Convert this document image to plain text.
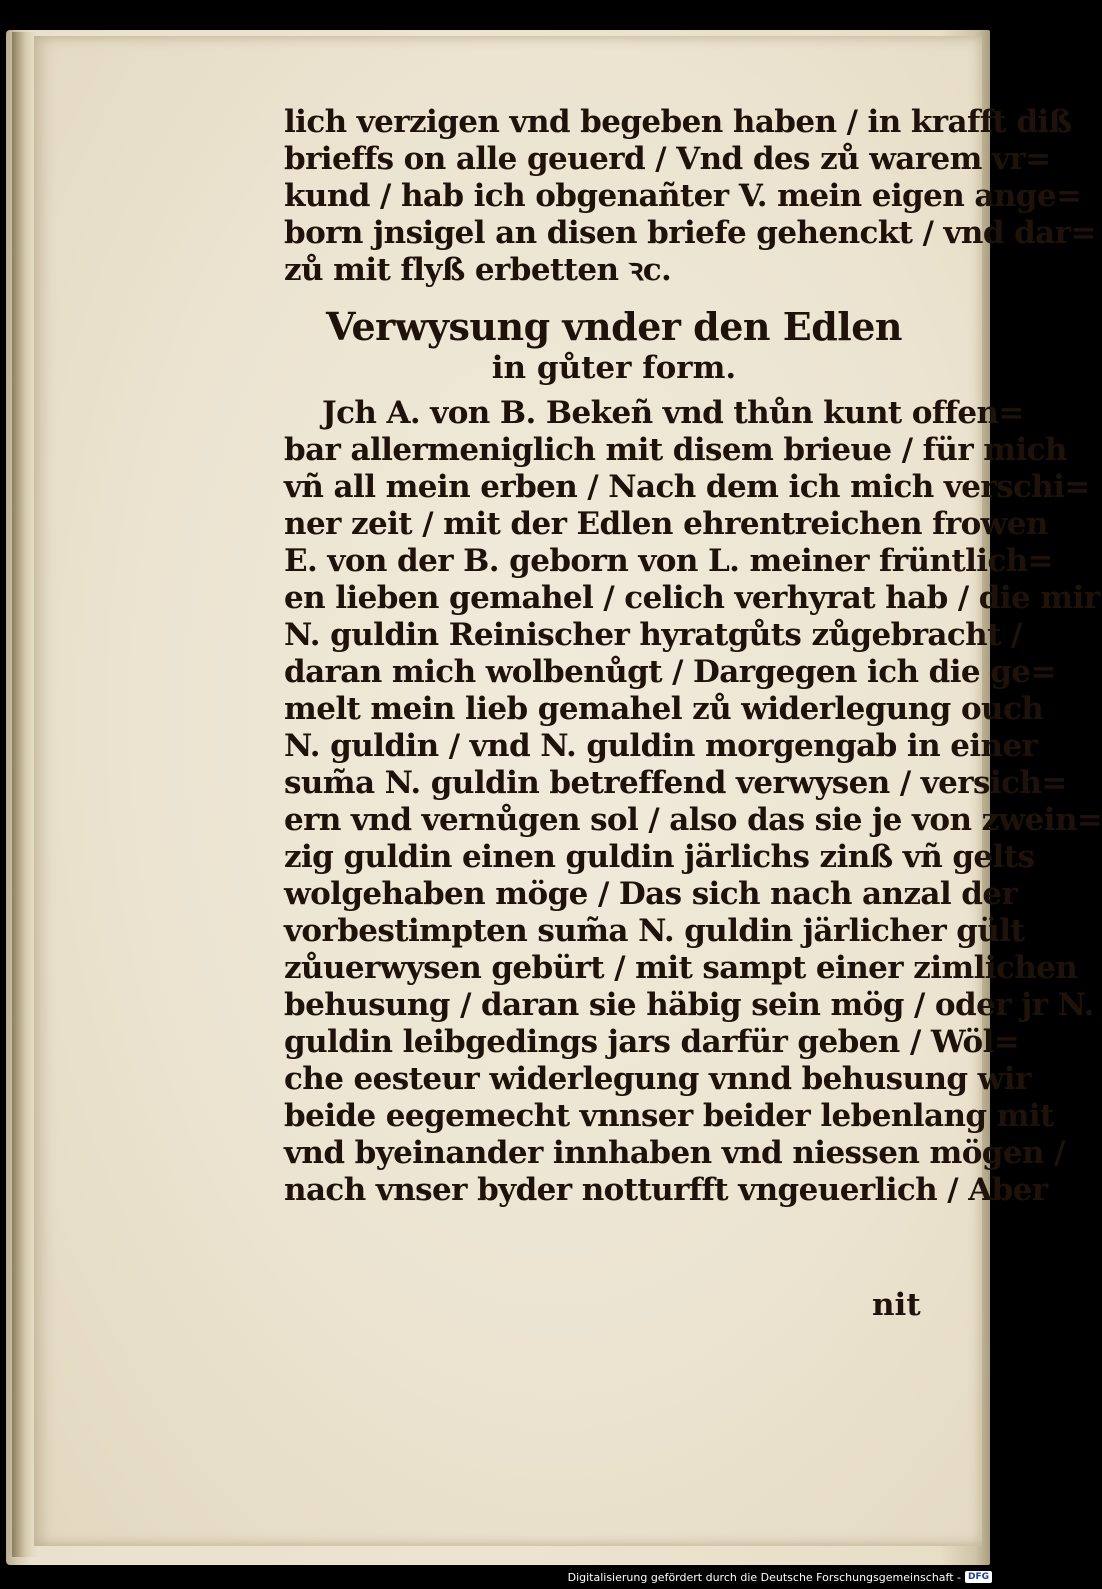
lich verzigen vnd begeben haben / in krafft diß
brieffs on alle geuerd / Vnd des zů warem vr=
kund / hab ich obgenañter V. mein eigen ange=
born jnsigel an disen briefe gehenckt / vnd dar=
zů mit flyß erbetten ꝛc.
Verwysung vnder den Edlen
in gůter form.
Jch A. von B. Bekeñ vnd thůn kunt offen=
bar allermeniglich mit disem brieue / für mich
vñ all mein erben / Nach dem ich mich verschi=
ner zeit / mit der Edlen ehrentreichen frowen
E. von der B. geborn von L. meiner früntlich=
en lieben gemahel / celich verhyrat hab / die mir
N. guldin Reinischer hyratgůts zůgebracht /
daran mich wolbenůgt / Dargegen ich die ge=
melt mein lieb gemahel zů widerlegung ouch
N. guldin / vnd N. guldin morgengab in einer
sum̃a N. guldin betreffend verwysen / versich=
ern vnd vernůgen sol / also das sie je von zwein=
zig guldin einen guldin järlichs zinß vñ gelts
wolgehaben möge / Das sich nach anzal der
vorbestimpten sum̃a N. guldin järlicher gült
zůuerwysen gebürt / mit sampt einer zimlichen
behusung / daran sie häbig sein mög / oder jr N.
guldin leibgedings jars darfür geben / Wöl=
che eesteur widerlegung vnnd behusung wir
beide eegemecht vnnser beider lebenlang mit
vnd byeinander innhaben vnd niessen mögen /
nach vnser byder notturfft vngeuerlich / Aber
nit
Digitalisierung gefördert durch die Deutsche Forschungsgemeinschaft - DFG
